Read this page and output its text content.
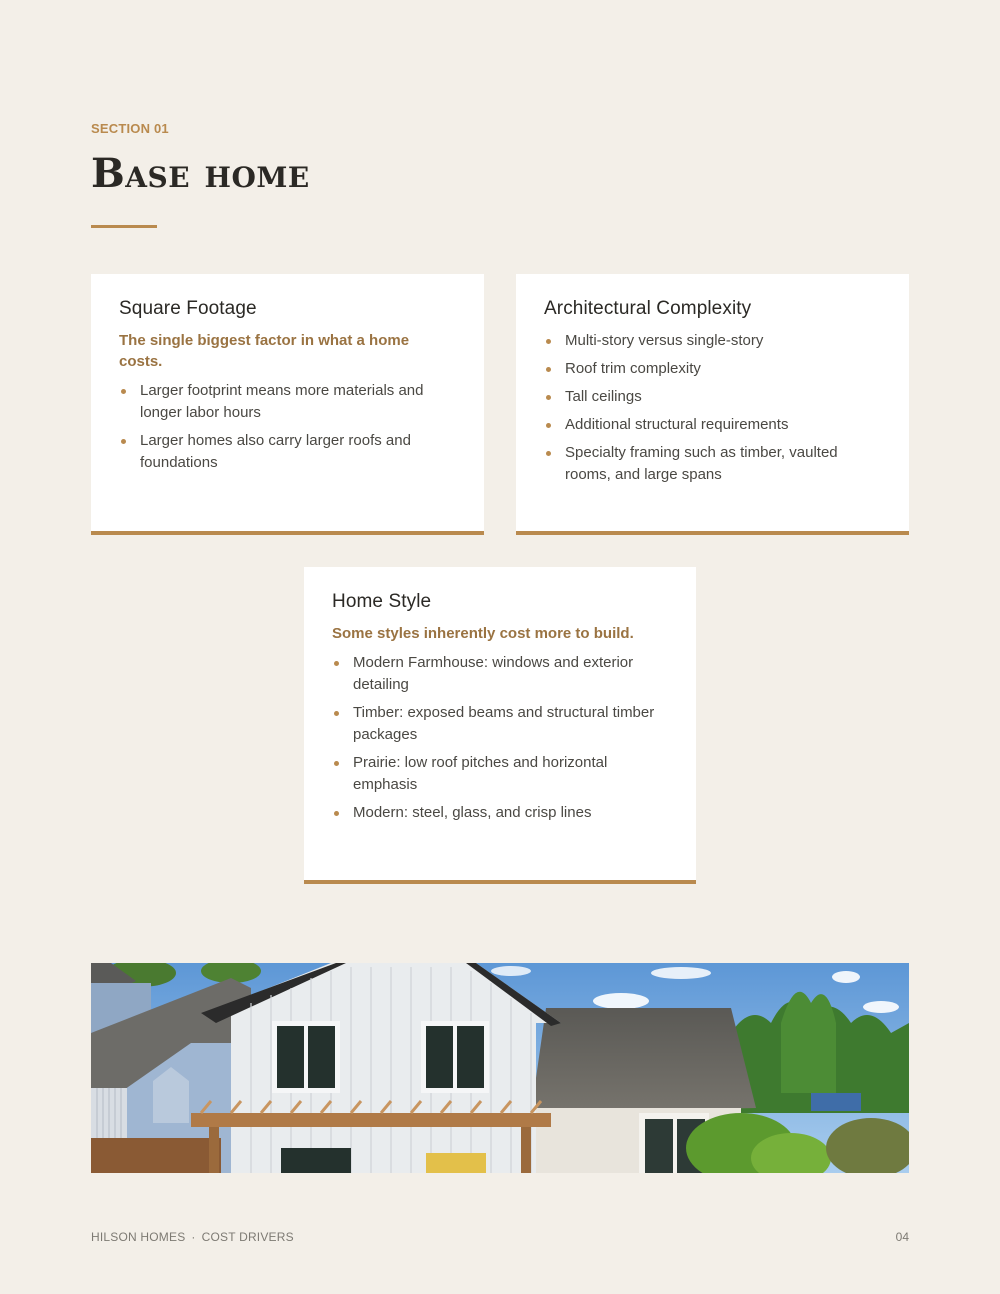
SECTION 01
Base home
Square Footage

The single biggest factor in what a home costs.

Larger footprint means more materials and longer labor hours
Larger homes also carry larger roofs and foundations
Architectural Complexity
Multi-story versus single-story
Roof trim complexity
Tall ceilings
Additional structural requirements
Specialty framing such as timber, vaulted rooms, and large spans
Home Style

Some styles inherently cost more to build.

Modern Farmhouse: windows and exterior detailing
Timber: exposed beams and structural timber packages
Prairie: low roof pitches and horizontal emphasis
Modern: steel, glass, and crisp lines
HILSON HOMES · COST DRIVERS	04
